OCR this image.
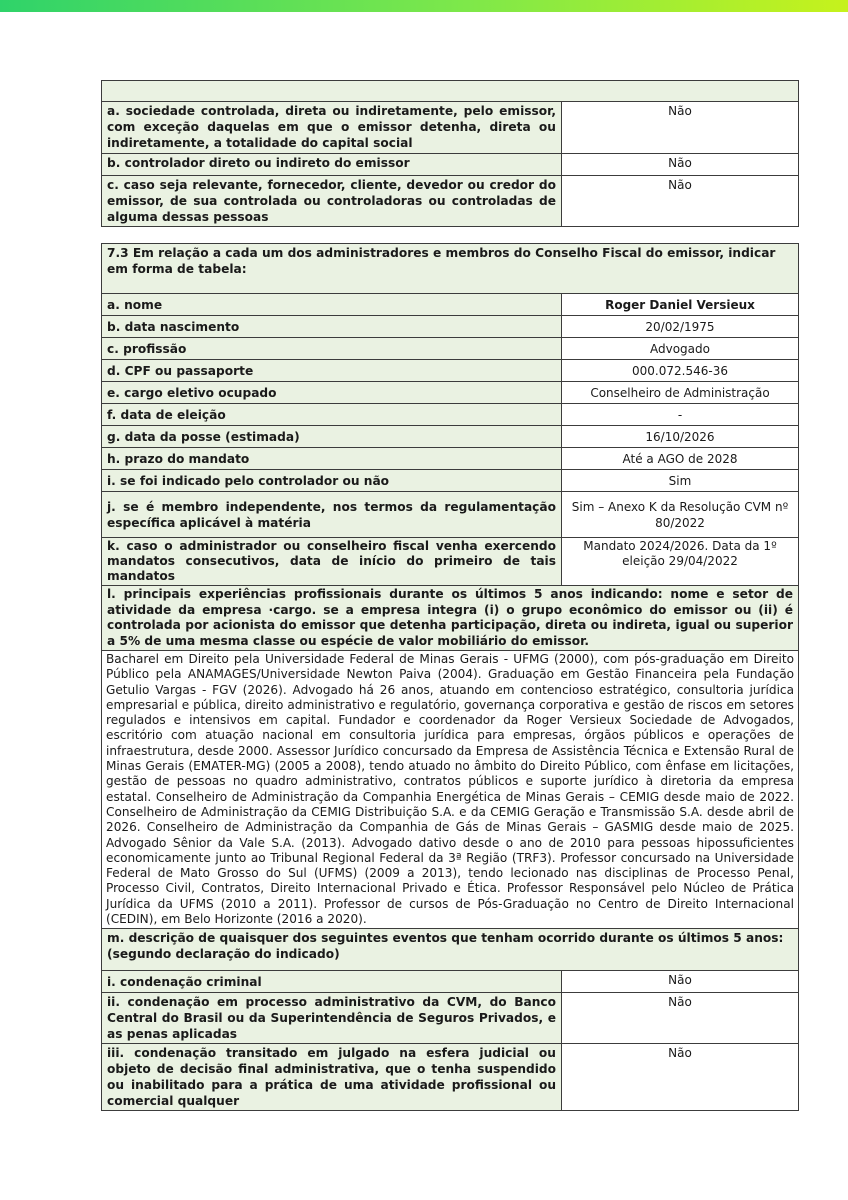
a. sociedade controlada, direta ou indiretamente, pelo emissor, com exceção daquelas em que o emissor detenha, direta ou indiretamente, a totalidade do capital social	Não
b. controlador direto ou indireto do emissor	Não
c. caso seja relevante, fornecedor, cliente, devedor ou credor do emissor, de sua controlada ou controladoras ou controladas de alguma dessas pessoas	Não
7.3 Em relação a cada um dos administradores e membros do Conselho Fiscal do emissor, indicar em forma de tabela:	
a. nome	Roger Daniel Versieux
b. data nascimento	20/02/1975
c. profissão	Advogado
d. CPF ou passaporte	000.072.546-36
e. cargo eletivo ocupado	Conselheiro de Administração
f. data de eleição	-
g. data da posse (estimada)	16/10/2026
h. prazo do mandato	Até a AGO de 2028
i. se foi indicado pelo controlador ou não	Sim
j. se é membro independente, nos termos da regulamentação específica aplicável à matéria	Sim – Anexo K da Resolução CVM nº 80/2022
k. caso o administrador ou conselheiro fiscal venha exercendo mandatos consecutivos, data de início do primeiro de tais mandatos	Mandato 2024/2026. Data da 1º eleição 29/04/2022
l. principais experiências profissionais durante os últimos 5 anos indicando: nome e setor de atividade da empresa ·cargo. se a empresa integra (i) o grupo econômico do emissor ou (ii) é controlada por acionista do emissor que detenha participação, direta ou indireta, igual ou superior a 5% de uma mesma classe ou espécie de valor mobiliário do emissor.	
Bacharel em Direito pela Universidade Federal de Minas Gerais - UFMG (2000), com pós-graduação em Direito Público pela ANAMAGES/Universidade Newton Paiva (2004). Graduação em Gestão Financeira pela Fundação Getulio Vargas - FGV (2026). Advogado há 26 anos, atuando em contencioso estratégico, consultoria jurídica empresarial e pública, direito administrativo e regulatório, governança corporativa e gestão de riscos em setores regulados e intensivos em capital. Fundador e coordenador da Roger Versieux Sociedade de Advogados, escritório com atuação nacional em consultoria jurídica para empresas, órgãos públicos e operações de infraestrutura, desde 2000. Assessor Jurídico concursado da Empresa de Assistência Técnica e Extensão Rural de Minas Gerais (EMATER-MG) (2005 a 2008), tendo atuado no âmbito do Direito Público, com ênfase em licitações, gestão de pessoas no quadro administrativo, contratos públicos e suporte jurídico à diretoria da empresa estatal. Conselheiro de Administração da Companhia Energética de Minas Gerais – CEMIG desde maio de 2022. Conselheiro de Administração da CEMIG Distribuição S.A. e da CEMIG Geração e Transmissão S.A. desde abril de 2026. Conselheiro de Administração da Companhia de Gás de Minas Gerais – GASMIG desde maio de 2025. Advogado Sênior da Vale S.A. (2013). Advogado dativo desde o ano de 2010 para pessoas hipossuficientes economicamente junto ao Tribunal Regional Federal da 3ª Região (TRF3). Professor concursado na Universidade Federal de Mato Grosso do Sul (UFMS) (2009 a 2013), tendo lecionado nas disciplinas de Processo Penal, Processo Civil, Contratos, Direito Internacional Privado e Ética. Professor Responsável pelo Núcleo de Prática Jurídica da UFMS (2010 a 2011). Professor de cursos de Pós-Graduação no Centro de Direito Internacional (CEDIN), em Belo Horizonte (2016 a 2020).	
m. descrição de quaisquer dos seguintes eventos que tenham ocorrido durante os últimos 5 anos: (segundo declaração do indicado)	
i. condenação criminal	Não
ii. condenação em processo administrativo da CVM, do Banco Central do Brasil ou da Superintendência de Seguros Privados, e as penas aplicadas	Não
iii. condenação transitado em julgado na esfera judicial ou objeto de decisão final administrativa, que o tenha suspendido ou inabilitado para a prática de uma atividade profissional ou comercial qualquer	Não
